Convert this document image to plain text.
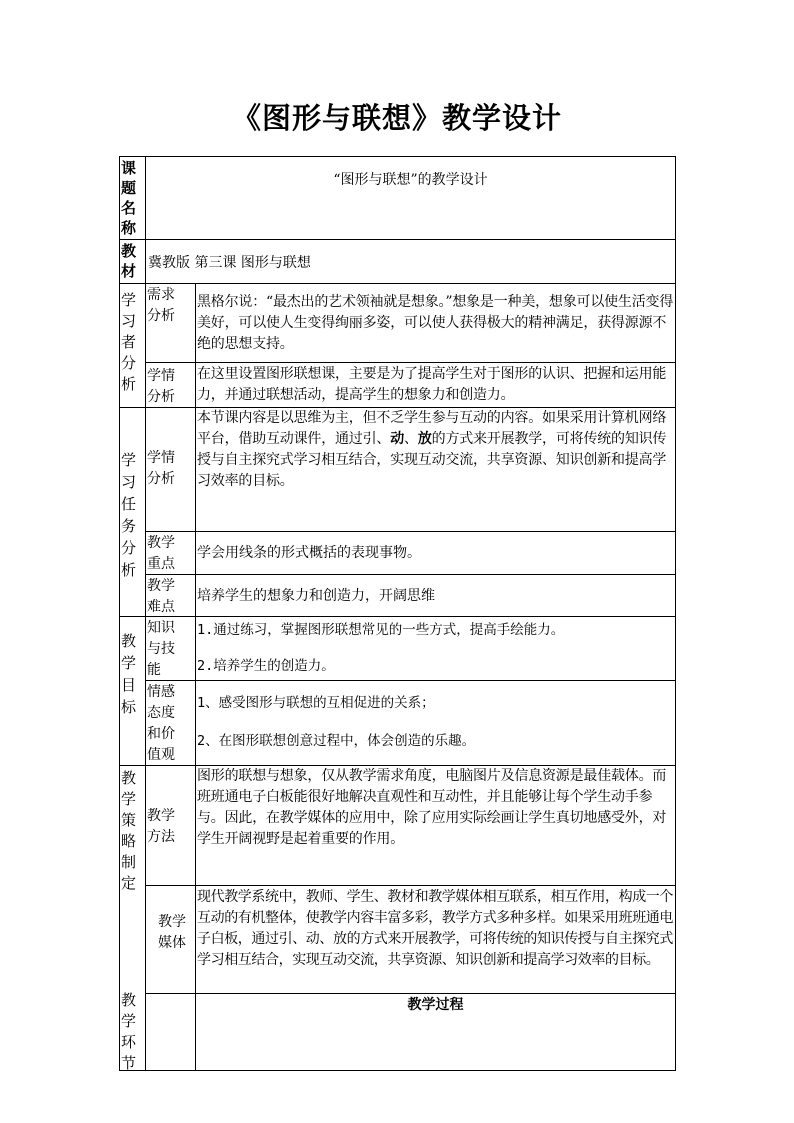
《图形与联想》教学设计
课题名称
“图形与联想”的教学设计
教材 冀教版 第三课 图形与联想
学习者分析
需求分析
黑格尔说：“最杰出的艺术领袖就是想象。”想象是一种美，想象可以使生活变得美好，可以使人生变得绚丽多姿，可以使人获得极大的精神满足，获得源源不绝的思想支持。
学情分析
在这里设置图形联想课，主要是为了提高学生对于图形的认识、把握和运用能力，并通过联想活动，提高学生的想象力和创造力。
学习任务分析
学情分析
本节课内容是以思维为主，但不乏学生参与互动的内容。如果采用计算机网络平台，借助互动课件，通过引、动、放的方式来开展教学，可将传统的知识传授与自主探究式学习相互结合，实现互动交流，共享资源、知识创新和提高学习效率的目标。
教学重点
学会用线条的形式概括的表现事物。
教学难点
培养学生的想象力和创造力，开阔思维
教学目标
知识与技能
1.通过练习，掌握图形联想常见的一些方式，提高手绘能力。
2.培养学生的创造力。
情感态度和价值观
1、感受图形与联想的互相促进的关系；
2、在图形联想创意过程中，体会创造的乐趣。
教学策略制定
教学方法
图形的联想与想象，仅从教学需求角度，电脑图片及信息资源是最佳载体。而班班通电子白板能很好地解决直观性和互动性，并且能够让每个学生动手参与。因此，在教学媒体的应用中，除了应用实际绘画让学生真切地感受外，对学生开阔视野是起着重要的作用。
教学媒体
现代教学系统中，教师、学生、教材和教学媒体相互联系，相互作用，构成一个互动的有机整体，使教学内容丰富多彩，教学方式多种多样。如果采用班班通电子白板，通过引、动、放的方式来开展教学，可将传统的知识传授与自主探究式学习相互结合，实现互动交流，共享资源、知识创新和提高学习效率的目标。
教学环节
教学过程
